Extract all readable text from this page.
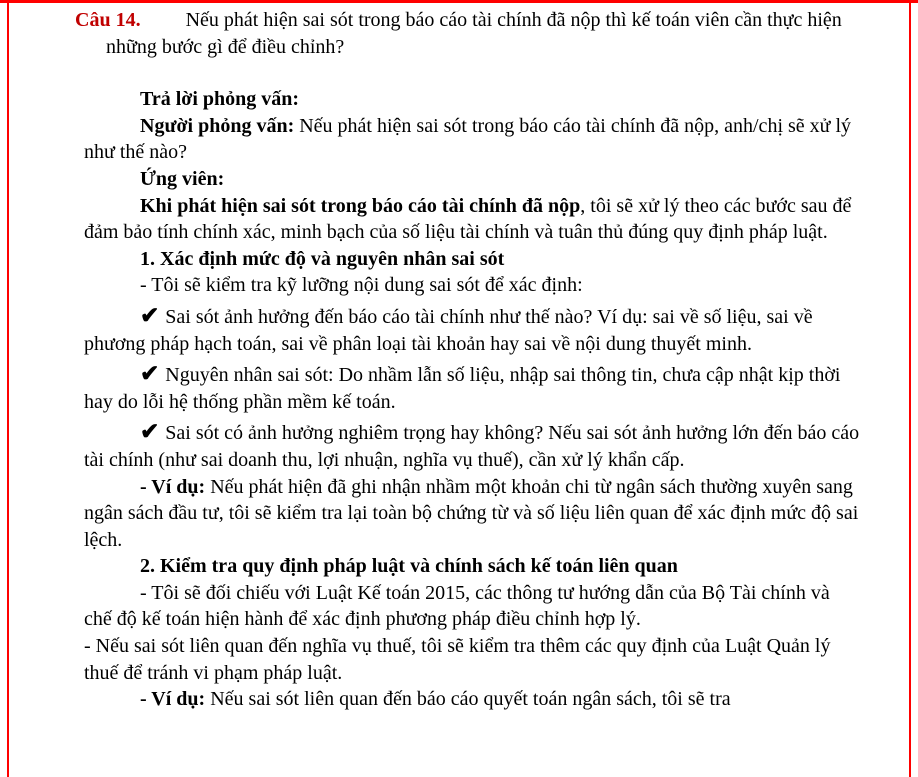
Câu 14. Nếu phát hiện sai sót trong báo cáo tài chính đã nộp thì kế toán viên cần thực hiện những bước gì để điều chỉnh?
Trả lời phỏng vấn:
Người phỏng vấn: Nếu phát hiện sai sót trong báo cáo tài chính đã nộp, anh/chị sẽ xử lý như thế nào?
Ứng viên:
Khi phát hiện sai sót trong báo cáo tài chính đã nộp, tôi sẽ xử lý theo các bước sau để đảm bảo tính chính xác, minh bạch của số liệu tài chính và tuân thủ đúng quy định pháp luật.
1. Xác định mức độ và nguyên nhân sai sót
- Tôi sẽ kiểm tra kỹ lưỡng nội dung sai sót để xác định:
✔ Sai sót ảnh hưởng đến báo cáo tài chính như thế nào? Ví dụ: sai về số liệu, sai về phương pháp hạch toán, sai về phân loại tài khoản hay sai về nội dung thuyết minh.
✔ Nguyên nhân sai sót: Do nhầm lẫn số liệu, nhập sai thông tin, chưa cập nhật kịp thời hay do lỗi hệ thống phần mềm kế toán.
✔ Sai sót có ảnh hưởng nghiêm trọng hay không? Nếu sai sót ảnh hưởng lớn đến báo cáo tài chính (như sai doanh thu, lợi nhuận, nghĩa vụ thuế), cần xử lý khẩn cấp.
- Ví dụ: Nếu phát hiện đã ghi nhận nhầm một khoản chi từ ngân sách thường xuyên sang ngân sách đầu tư, tôi sẽ kiểm tra lại toàn bộ chứng từ và số liệu liên quan để xác định mức độ sai lệch.
2. Kiểm tra quy định pháp luật và chính sách kế toán liên quan
- Tôi sẽ đối chiếu với Luật Kế toán 2015, các thông tư hướng dẫn của Bộ Tài chính và chế độ kế toán hiện hành để xác định phương pháp điều chỉnh hợp lý.
- Nếu sai sót liên quan đến nghĩa vụ thuế, tôi sẽ kiểm tra thêm các quy định của Luật Quản lý thuế để tránh vi phạm pháp luật.
- Ví dụ: Nếu sai sót liên quan đến báo cáo quyết toán ngân sách, tôi sẽ tra
